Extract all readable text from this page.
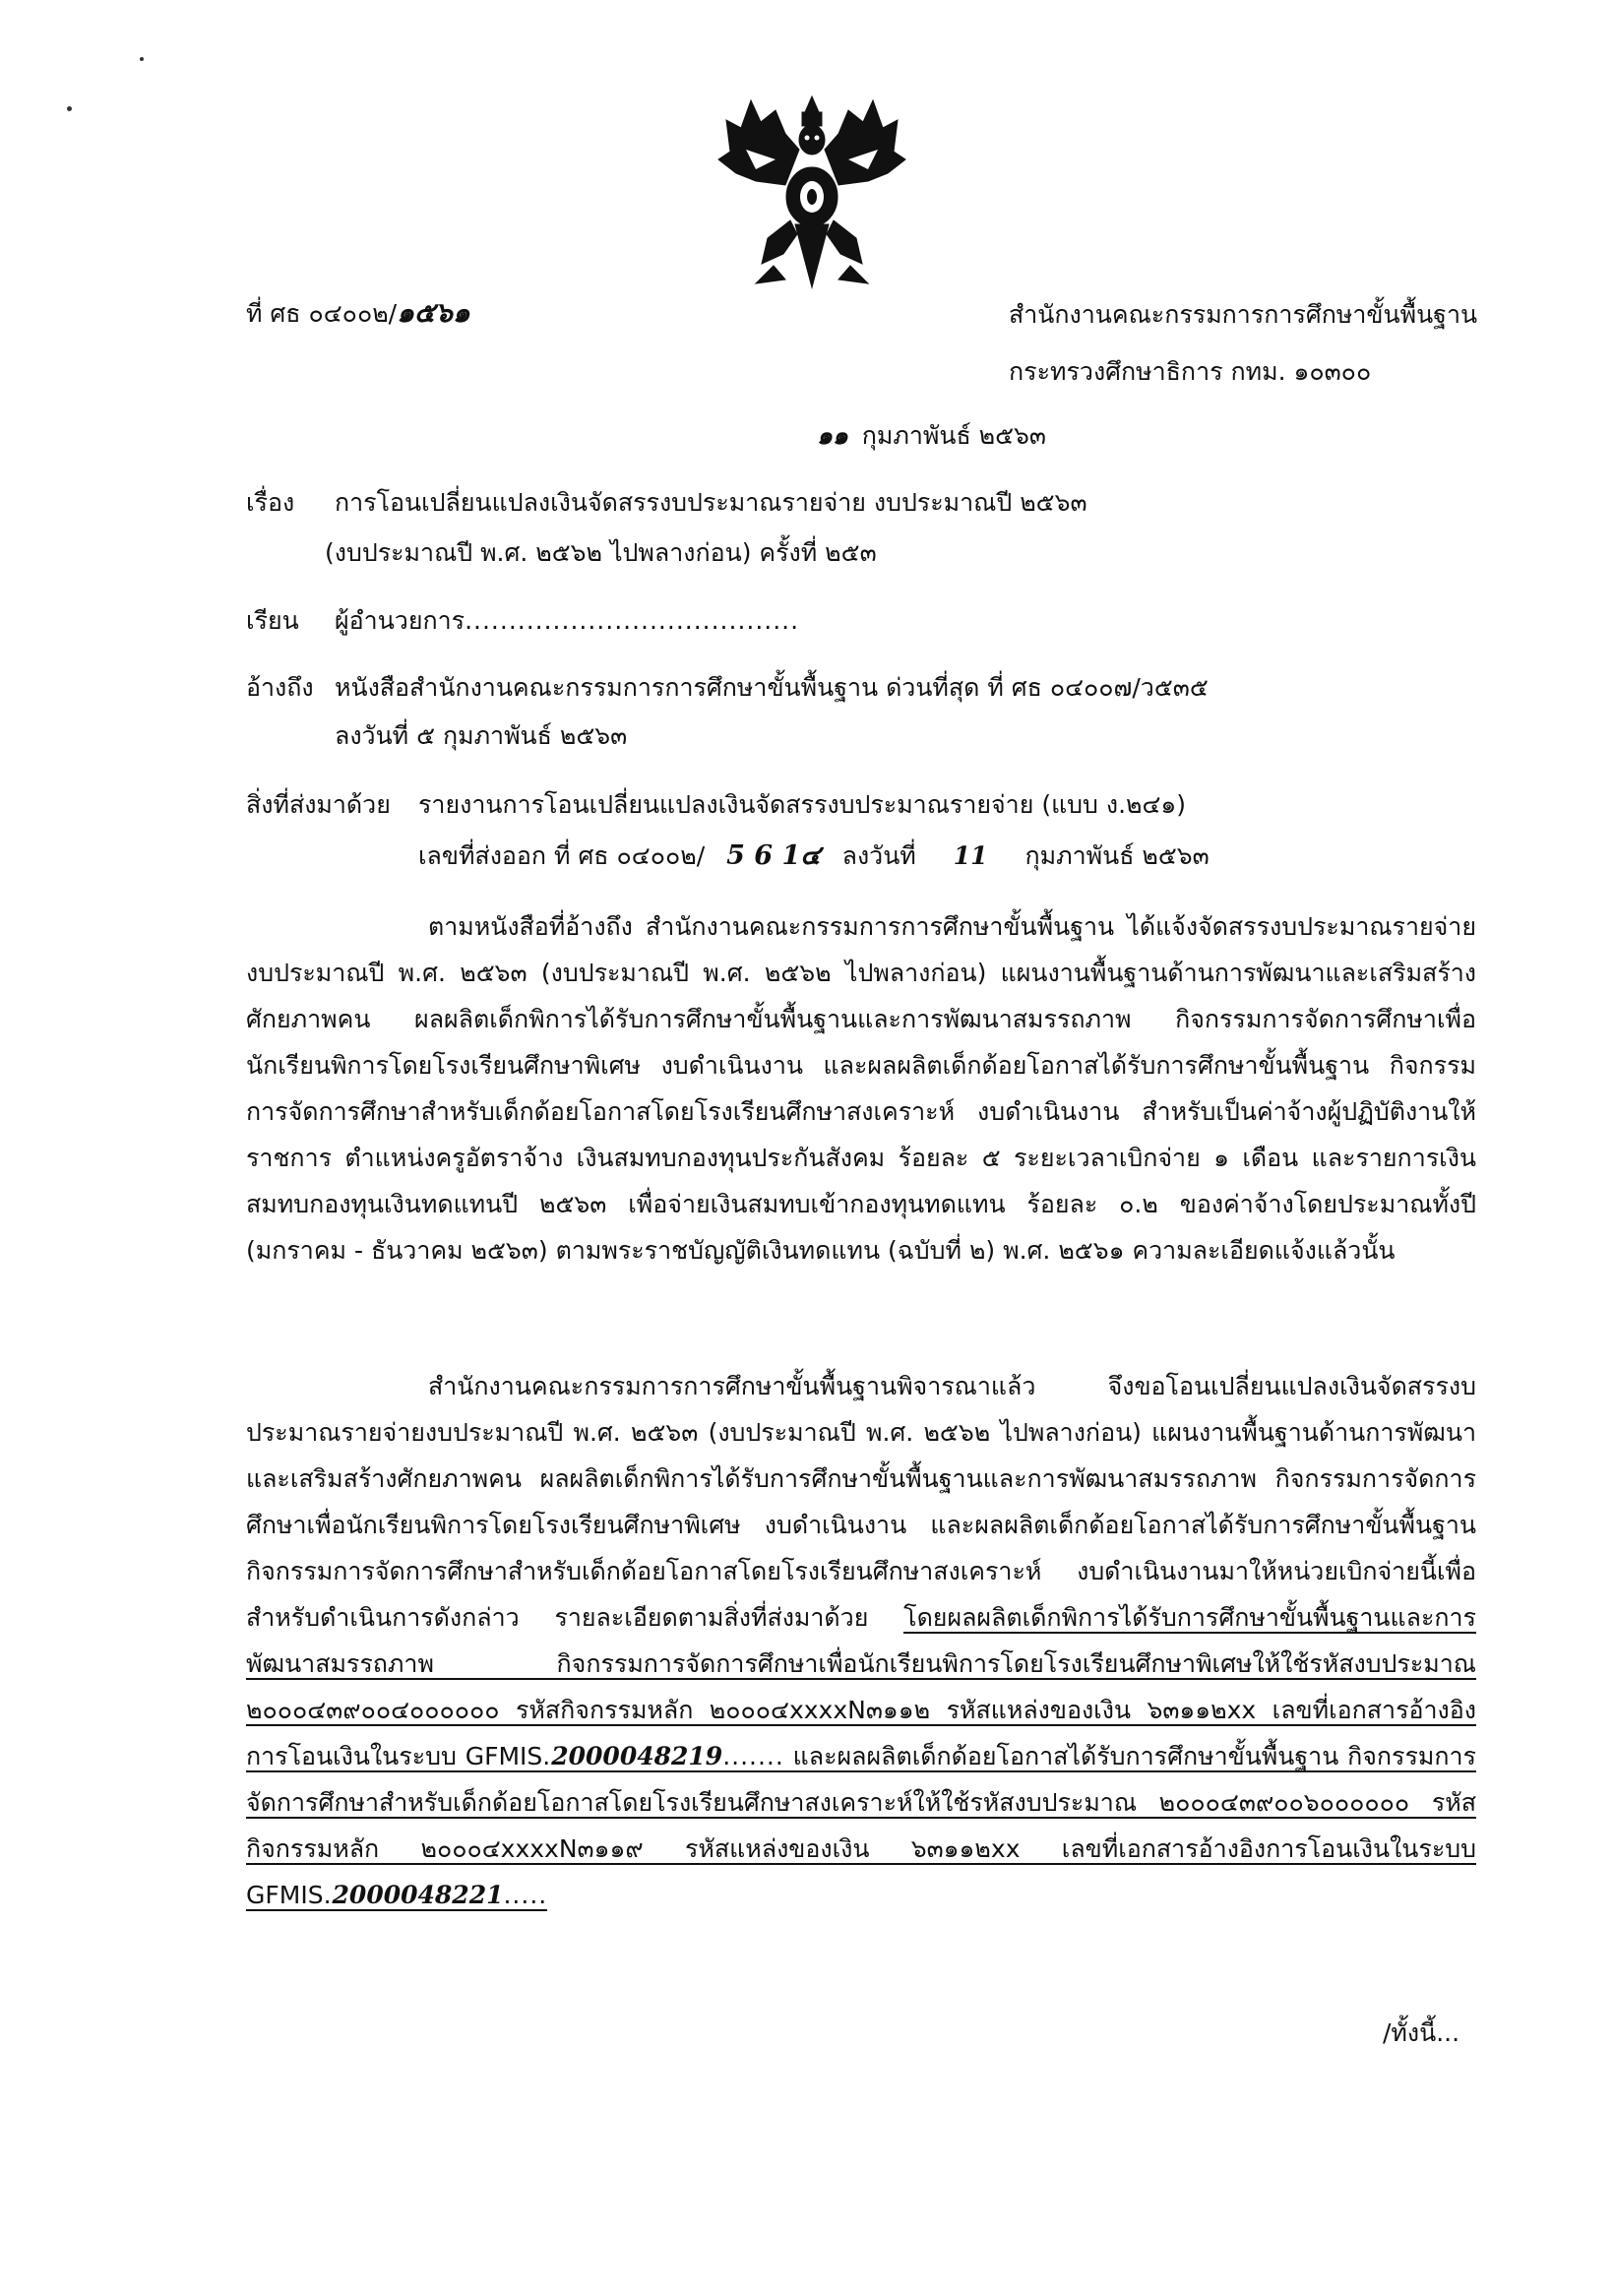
ที่ ศธ ๐๔๐๐๒/๑๕๖๑	สำนักงานคณะกรรมการการศึกษาขั้นพื้นฐาน
กระทรวงศึกษาธิการ กทม. ๑๐๓๐๐
๑๑ กุมภาพันธ์ ๒๕๖๓
เรื่อง การโอนเปลี่ยนแปลงเงินจัดสรรงบประมาณรายจ่าย งบประมาณปี ๒๕๖๓
(งบประมาณปี พ.ศ. ๒๕๖๒ ไปพลางก่อน) ครั้งที่ ๒๕๓
เรียน ผู้อำนวยการ......................................
อ้างถึง หนังสือสำนักงานคณะกรรมการการศึกษาขั้นพื้นฐาน ด่วนที่สุด ที่ ศธ ๐๔๐๐๗/ว๕๓๕
ลงวันที่ ๕ กุมภาพันธ์ ๒๕๖๓
สิ่งที่ส่งมาด้วย รายงานการโอนเปลี่ยนแปลงเงินจัดสรรงบประมาณรายจ่าย (แบบ ง.๒๔๑)
เลขที่ส่งออก ที่ ศธ ๐๔๐๐๒/ 5 6 1๔ ลงวันที่ 11 กุมภาพันธ์ ๒๕๖๓
ตามหนังสือที่อ้างถึง สำนักงานคณะกรรมการการศึกษาขั้นพื้นฐาน ได้แจ้งจัดสรรงบประมาณรายจ่ายงบประมาณปี พ.ศ. ๒๕๖๓ (งบประมาณปี พ.ศ. ๒๕๖๒ ไปพลางก่อน) แผนงานพื้นฐานด้านการพัฒนาและเสริมสร้างศักยภาพคน ผลผลิตเด็กพิการได้รับการศึกษาขั้นพื้นฐานและการพัฒนาสมรรถภาพ กิจกรรมการจัดการศึกษาเพื่อนักเรียนพิการโดยโรงเรียนศึกษาพิเศษ งบดำเนินงาน และผลผลิตเด็กด้อยโอกาสได้รับการศึกษาขั้นพื้นฐาน กิจกรรมการจัดการศึกษาสำหรับเด็กด้อยโอกาสโดยโรงเรียนศึกษาสงเคราะห์ งบดำเนินงาน สำหรับเป็นค่าจ้างผู้ปฏิบัติงานให้ราชการ ตำแหน่งครูอัตราจ้าง เงินสมทบกองทุนประกันสังคม ร้อยละ ๕ ระยะเวลาเบิกจ่าย ๑ เดือน และรายการเงินสมทบกองทุนเงินทดแทนปี ๒๕๖๓ เพื่อจ่ายเงินสมทบเข้ากองทุนทดแทน ร้อยละ ๐.๒ ของค่าจ้างโดยประมาณทั้งปี (มกราคม - ธันวาคม ๒๕๖๓) ตามพระราชบัญญัติเงินทดแทน (ฉบับที่ ๒) พ.ศ. ๒๕๖๑ ความละเอียดแจ้งแล้วนั้น
สำนักงานคณะกรรมการการศึกษาขั้นพื้นฐานพิจารณาแล้ว จึงขอโอนเปลี่ยนแปลงเงินจัดสรรงบประมาณรายจ่ายงบประมาณปี พ.ศ. ๒๕๖๓ (งบประมาณปี พ.ศ. ๒๕๖๒ ไปพลางก่อน) แผนงานพื้นฐานด้านการพัฒนาและเสริมสร้างศักยภาพคน ผลผลิตเด็กพิการได้รับการศึกษาขั้นพื้นฐานและการพัฒนาสมรรถภาพ กิจกรรมการจัดการศึกษาเพื่อนักเรียนพิการโดยโรงเรียนศึกษาพิเศษ งบดำเนินงาน และผลผลิตเด็กด้อยโอกาสได้รับการศึกษาขั้นพื้นฐาน กิจกรรมการจัดการศึกษาสำหรับเด็กด้อยโอกาสโดยโรงเรียนศึกษาสงเคราะห์ งบดำเนินงานมาให้หน่วยเบิกจ่ายนี้เพื่อสำหรับดำเนินการดังกล่าว รายละเอียดตามสิ่งที่ส่งมาด้วย โดยผลผลิตเด็กพิการได้รับการศึกษาขั้นพื้นฐานและการพัฒนาสมรรถภาพ กิจกรรมการจัดการศึกษาเพื่อนักเรียนพิการโดยโรงเรียนศึกษาพิเศษให้ใช้รหัสงบประมาณ ๒๐๐๐๔๓๙๐๐๔๐๐๐๐๐๐ รหัสกิจกรรมหลัก ๒๐๐๐๔xxxxN๓๑๑๒ รหัสแหล่งของเงิน ๖๓๑๑๒xx เลขที่เอกสารอ้างอิงการโอนเงินในระบบ GFMIS.2000048219....... และผลผลิตเด็กด้อยโอกาสได้รับการศึกษาขั้นพื้นฐาน กิจกรรมการจัดการศึกษาสำหรับเด็กด้อยโอกาสโดยโรงเรียนศึกษาสงเคราะห์ให้ใช้รหัสงบประมาณ ๒๐๐๐๔๓๙๐๐๖๐๐๐๐๐๐ รหัสกิจกรรมหลัก ๒๐๐๐๔xxxxN๓๑๑๙ รหัสแหล่งของเงิน ๖๓๑๑๒xx เลขที่เอกสารอ้างอิงการโอนเงินในระบบ GFMIS.2000048221.....
/ทั้งนี้...
